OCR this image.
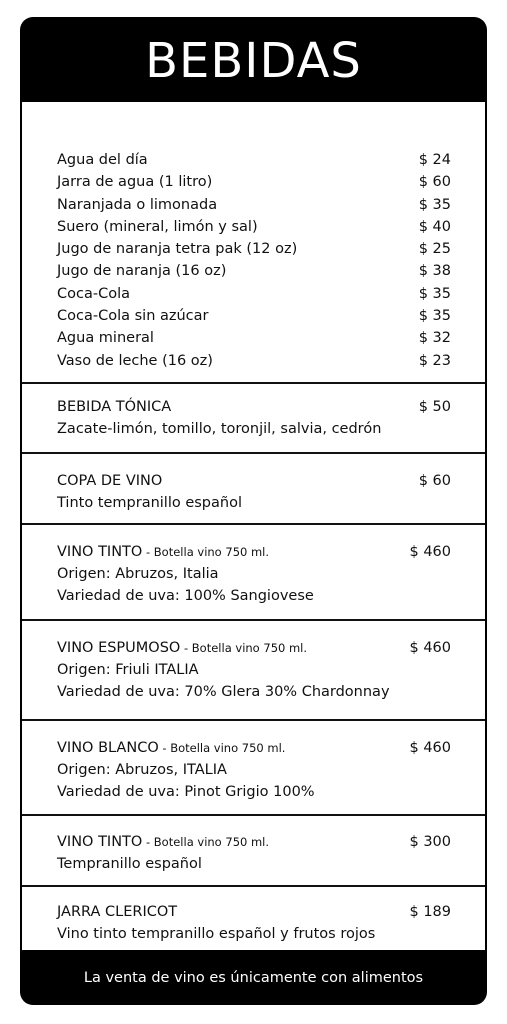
BEBIDAS
Agua del día	$ 24
Jarra de agua (1 litro)	$ 60
Naranjada o limonada	$ 35
Suero (mineral, limón y sal)	$ 40
Jugo de naranja tetra pak (12 oz)	$ 25
Jugo de naranja (16 oz)	$ 38
Coca-Cola	$ 35
Coca-Cola sin azúcar	$ 35
Agua mineral	$ 32
Vaso de leche (16 oz)	$ 23
BEBIDA TÓNICA	$ 50
Zacate-limón, tomillo, toronjil, salvia, cedrón
COPA DE VINO	$ 60
Tinto tempranillo español
VINO TINTO - Botella vino 750 ml.	$ 460
Origen: Abruzos, Italia
Variedad de uva: 100% Sangiovese
VINO ESPUMOSO - Botella vino 750 ml.	$ 460
Origen: Friuli ITALIA
Variedad de uva: 70% Glera 30% Chardonnay
VINO BLANCO - Botella vino 750 ml.	$ 460
Origen: Abruzos, ITALIA
Variedad de uva: Pinot Grigio 100%
VINO TINTO - Botella vino 750 ml.	$ 300
Tempranillo español
JARRA CLERICOT	$ 189
Vino tinto tempranillo español y frutos rojos
La venta de vino es únicamente con alimentos
